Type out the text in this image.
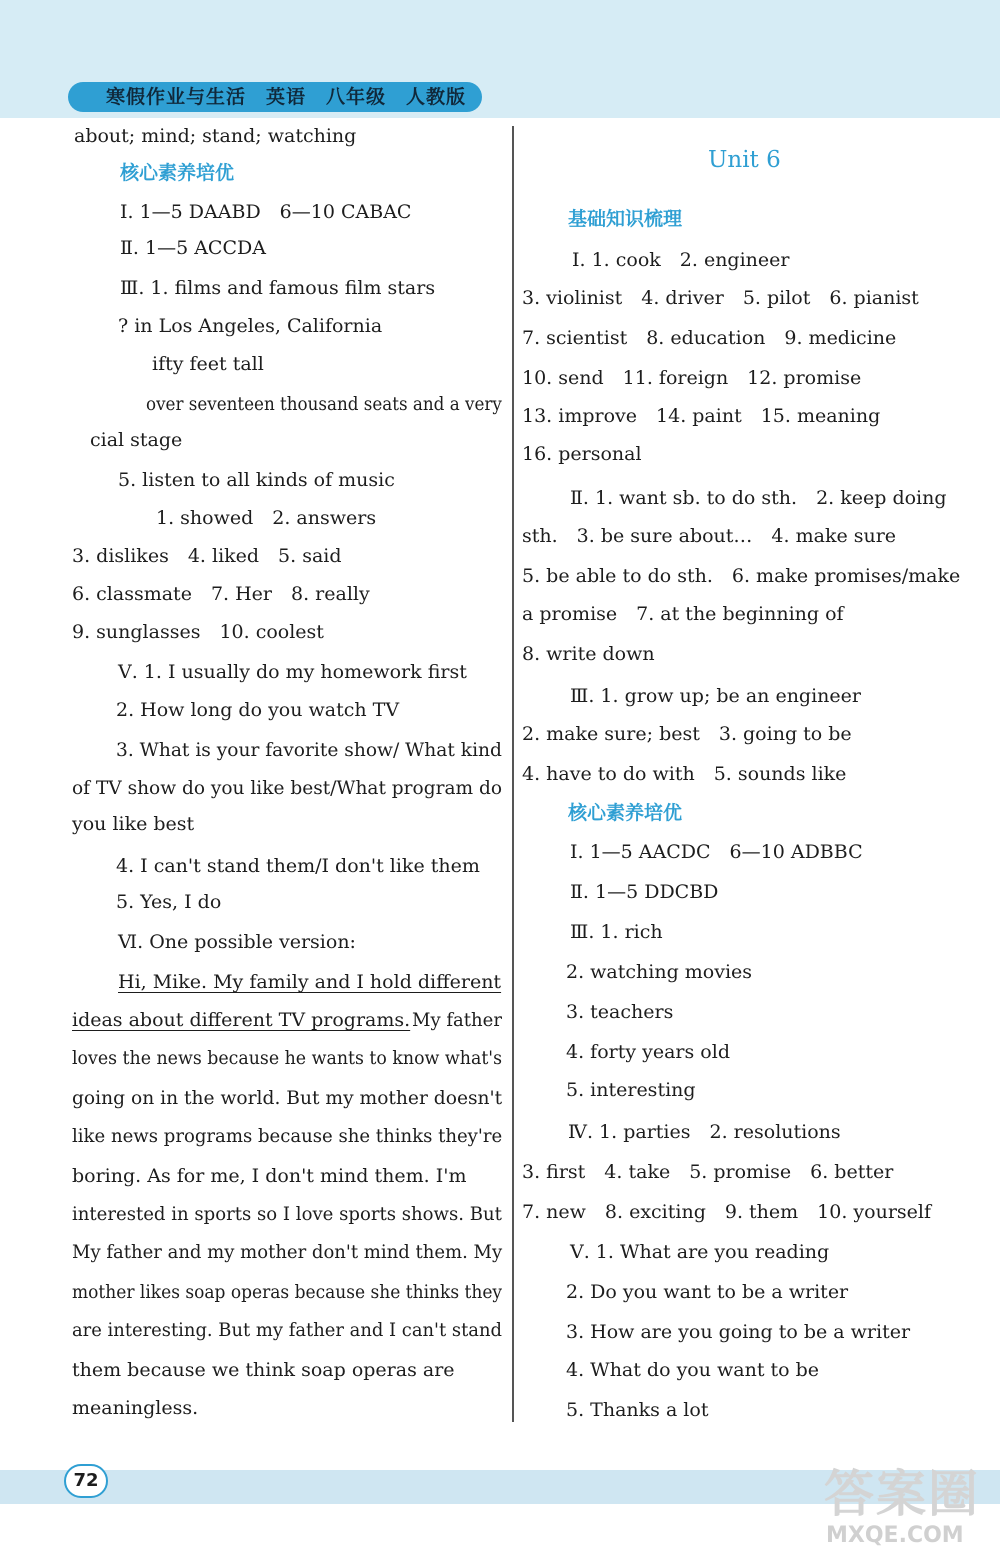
寒假作业与生活　英语　八年级　人教版
about; mind; stand; watching
核心素养培优
Ⅰ. 1—5 DAABD　6—10 CABAC
Ⅱ. 1—5 ACCDA
Ⅲ. 1. films and famous film stars
? in Los Angeles, California
ifty feet tall
over seventeen thousand seats and a very
cial stage
5. listen to all kinds of music
1. showed　2. answers
3. dislikes　4. liked　5. said
6. classmate　7. Her　8. really
9. sunglasses　10. coolest
Ⅴ. 1. I usually do my homework first
2. How long do you watch TV
3. What is your favorite show/ What kind
of TV show do you like best/What program do
you like best
4. I can't stand them/I don't like them
5. Yes, I do
Ⅵ. One possible version:
Hi, Mike. My family and I hold different
ideas about different TV programs. My father
loves the news because he wants to know what's
going on in the world. But my mother doesn't
like news programs because she thinks they're
boring. As for me, I don't mind them. I'm
interested in sports so I love sports shows. But
My father and my mother don't mind them. My
mother likes soap operas because she thinks they
are interesting. But my father and I can't stand
them because we think soap operas are
meaningless.
Unit 6
基础知识梳理
Ⅰ. 1. cook　2. engineer
3. violinist　4. driver　5. pilot　6. pianist
7. scientist　8. education　9. medicine
10. send　11. foreign　12. promise
13. improve　14. paint　15. meaning
16. personal
Ⅱ. 1. want sb. to do sth.　2. keep doing
sth.　3. be sure about…　4. make sure
5. be able to do sth.　6. make promises/make
a promise　7. at the beginning of
8. write down
Ⅲ. 1. grow up; be an engineer
2. make sure; best　3. going to be
4. have to do with　5. sounds like
核心素养培优
Ⅰ. 1—5 AACDC　6—10 ADBBC
Ⅱ. 1—5 DDCBD
Ⅲ. 1. rich
2. watching movies
3. teachers
4. forty years old
5. interesting
Ⅳ. 1. parties　2. resolutions
3. first　4. take　5. promise　6. better
7. new　8. exciting　9. them　10. yourself
Ⅴ. 1. What are you reading
2. Do you want to be a writer
3. How are you going to be a writer
4. What do you want to be
5. Thanks a lot
72	答案圈
MXQE.COM
